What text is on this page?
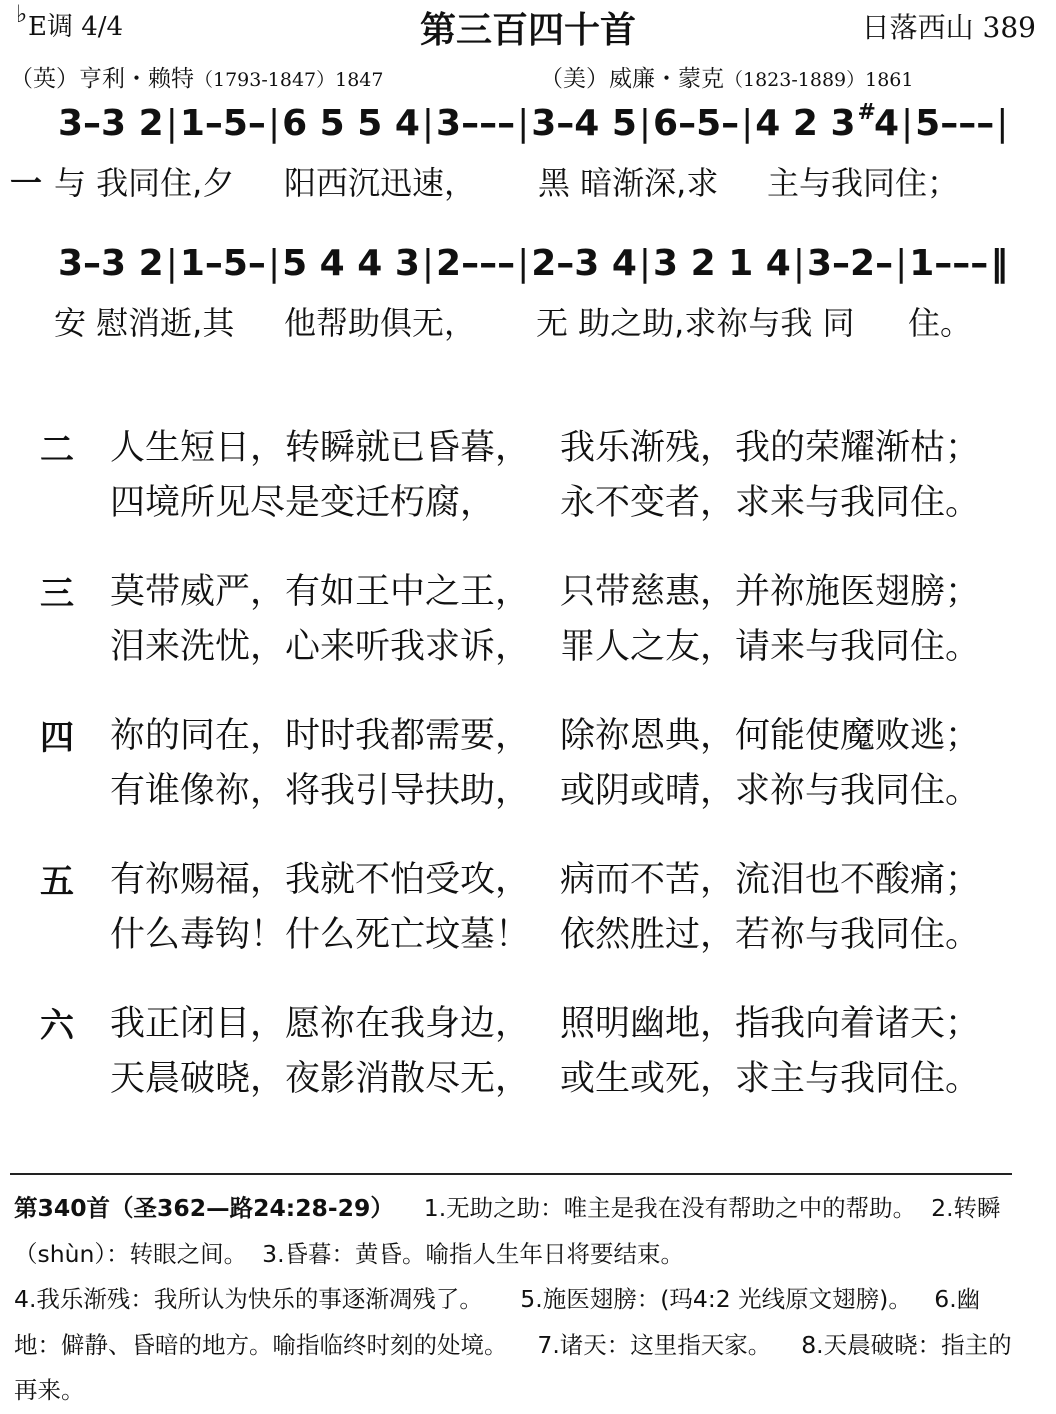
♭ E调 4/4	第三百四十首	日落西山 389
（英）亨利・赖特（1793-1847）1847	（美）威廉・蒙克（1823-1889）1861
3–3 2|1–5–|6 5 5 4|3–––|3–4 5|6–5–|4 2 3#4|5–––|
一 与 我同住,夕 阳西沉迅速， 黑 暗渐深,求 主与我同住；
3–3 2|1–5–|5 4 4 3|2–––|2–3 4|3 2 1 4|3–2–|1–––‖
安 慰消逝,其 他帮助俱无， 无 助之助,求祢与我 同 住。
二 人生短日，转瞬就已昏暮， 我乐渐残，我的荣耀渐枯；
四境所见尽是变迁朽腐， 永不变者，求来与我同住。
三 莫带威严，有如王中之王， 只带慈惠，并祢施医翅膀；
泪来洗忧，心来听我求诉， 罪人之友，请来与我同住。
四 祢的同在，时时我都需要， 除祢恩典，何能使魔败逃；
有谁像祢，将我引导扶助， 或阴或晴，求祢与我同住。
五 有祢赐福，我就不怕受攻， 病而不苦，流泪也不酸痛；
什么毒钩！什么死亡坟墓！ 依然胜过，若祢与我同住。
六 我正闭目，愿祢在我身边， 照明幽地，指我向着诸天；
天晨破晓，夜影消散尽无， 或生或死，求主与我同住。
第340首（圣362—路24:28-29） 1.无助之助：唯主是我在没有帮助之中的帮助。 2.转瞬（shùn）：转眼之间。 3.昏暮：黄昏。喻指人生年日将要结束。
4.我乐渐残：我所认为快乐的事逐渐凋残了。 5.施医翅膀：(玛4:2 光线原文翅膀)。 6.幽地：僻静、昏暗的地方。喻指临终时刻的处境。 7.诸天：这里指天家。 8.天晨破晓：指主的再来。
